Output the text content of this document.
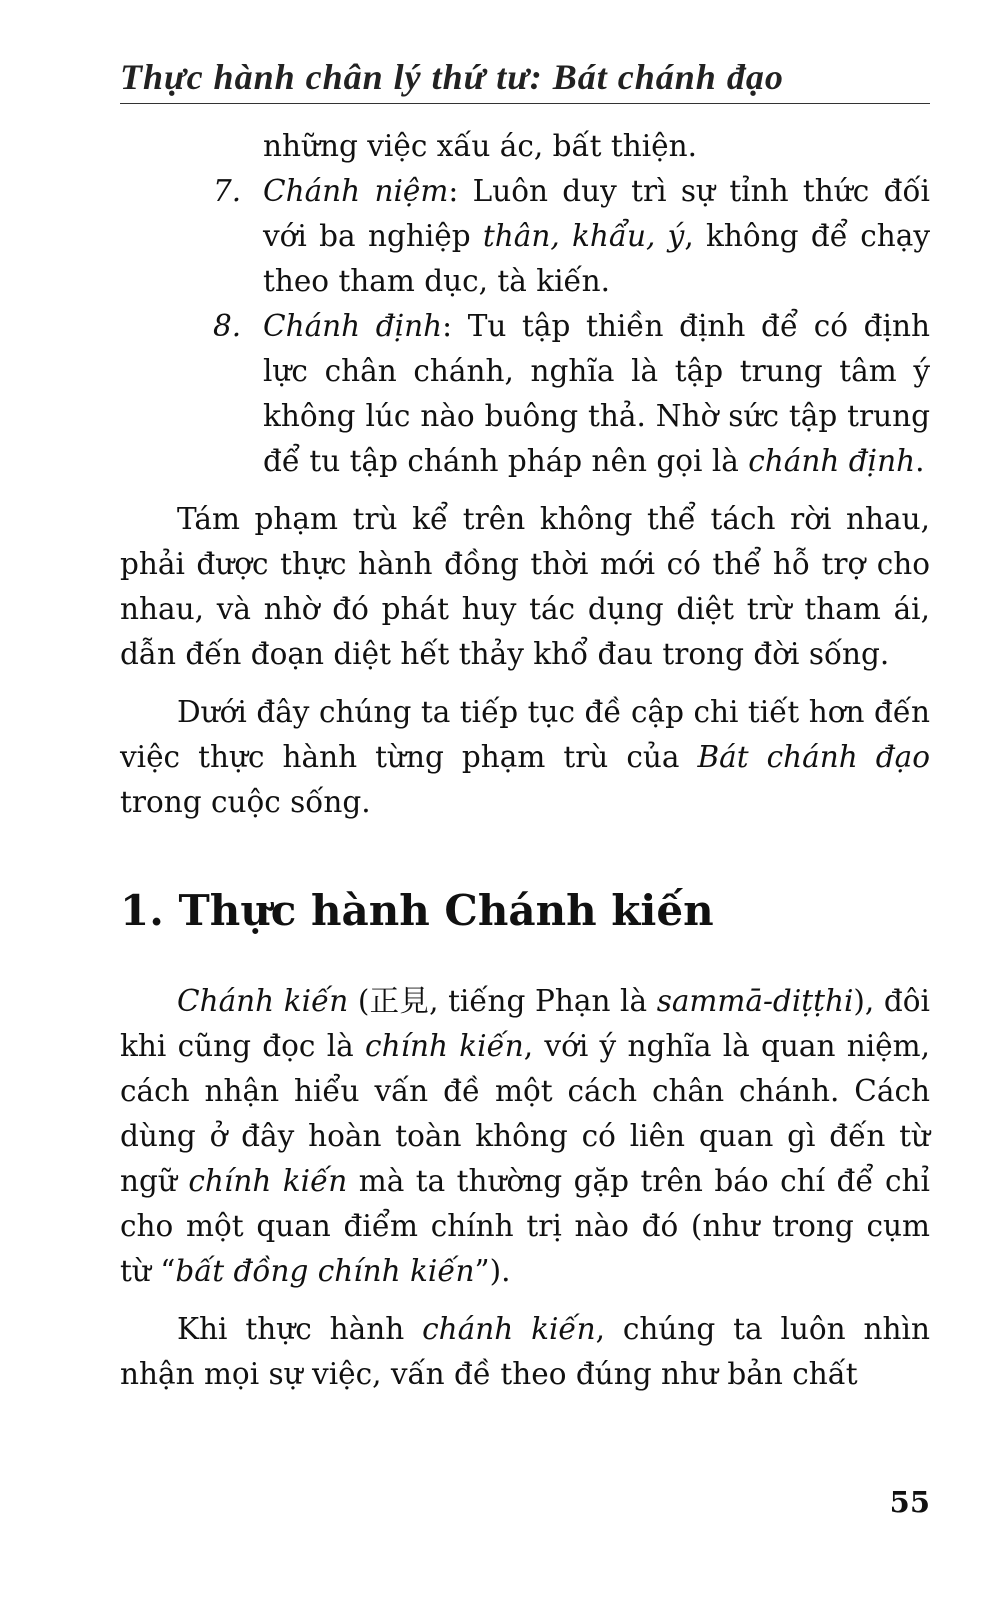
Thực hành chân lý thứ tư: Bát chánh đạo

những việc xấu ác, bất thiện.

7. Chánh niệm: Luôn duy trì sự tỉnh thức đối với ba nghiệp thân, khẩu, ý, không để chạy theo tham dục, tà kiến.

8. Chánh định: Tu tập thiền định để có định lực chân chánh, nghĩa là tập trung tâm ý không lúc nào buông thả. Nhờ sức tập trung để tu tập chánh pháp nên gọi là chánh định.

Tám phạm trù kể trên không thể tách rời nhau, phải được thực hành đồng thời mới có thể hỗ trợ cho nhau, và nhờ đó phát huy tác dụng diệt trừ tham ái, dẫn đến đoạn diệt hết thảy khổ đau trong đời sống.

Dưới đây chúng ta tiếp tục đề cập chi tiết hơn đến việc thực hành từng phạm trù của Bát chánh đạo trong cuộc sống.

1. Thực hành Chánh kiến

Chánh kiến (正見, tiếng Phạn là sammā-diṭṭhi), đôi khi cũng đọc là chính kiến, với ý nghĩa là quan niệm, cách nhận hiểu vấn đề một cách chân chánh. Cách dùng ở đây hoàn toàn không có liên quan gì đến từ ngữ chính kiến mà ta thường gặp trên báo chí để chỉ cho một quan điểm chính trị nào đó (như trong cụm từ “bất đồng chính kiến”).

Khi thực hành chánh kiến, chúng ta luôn nhìn nhận mọi sự việc, vấn đề theo đúng như bản chất

55
